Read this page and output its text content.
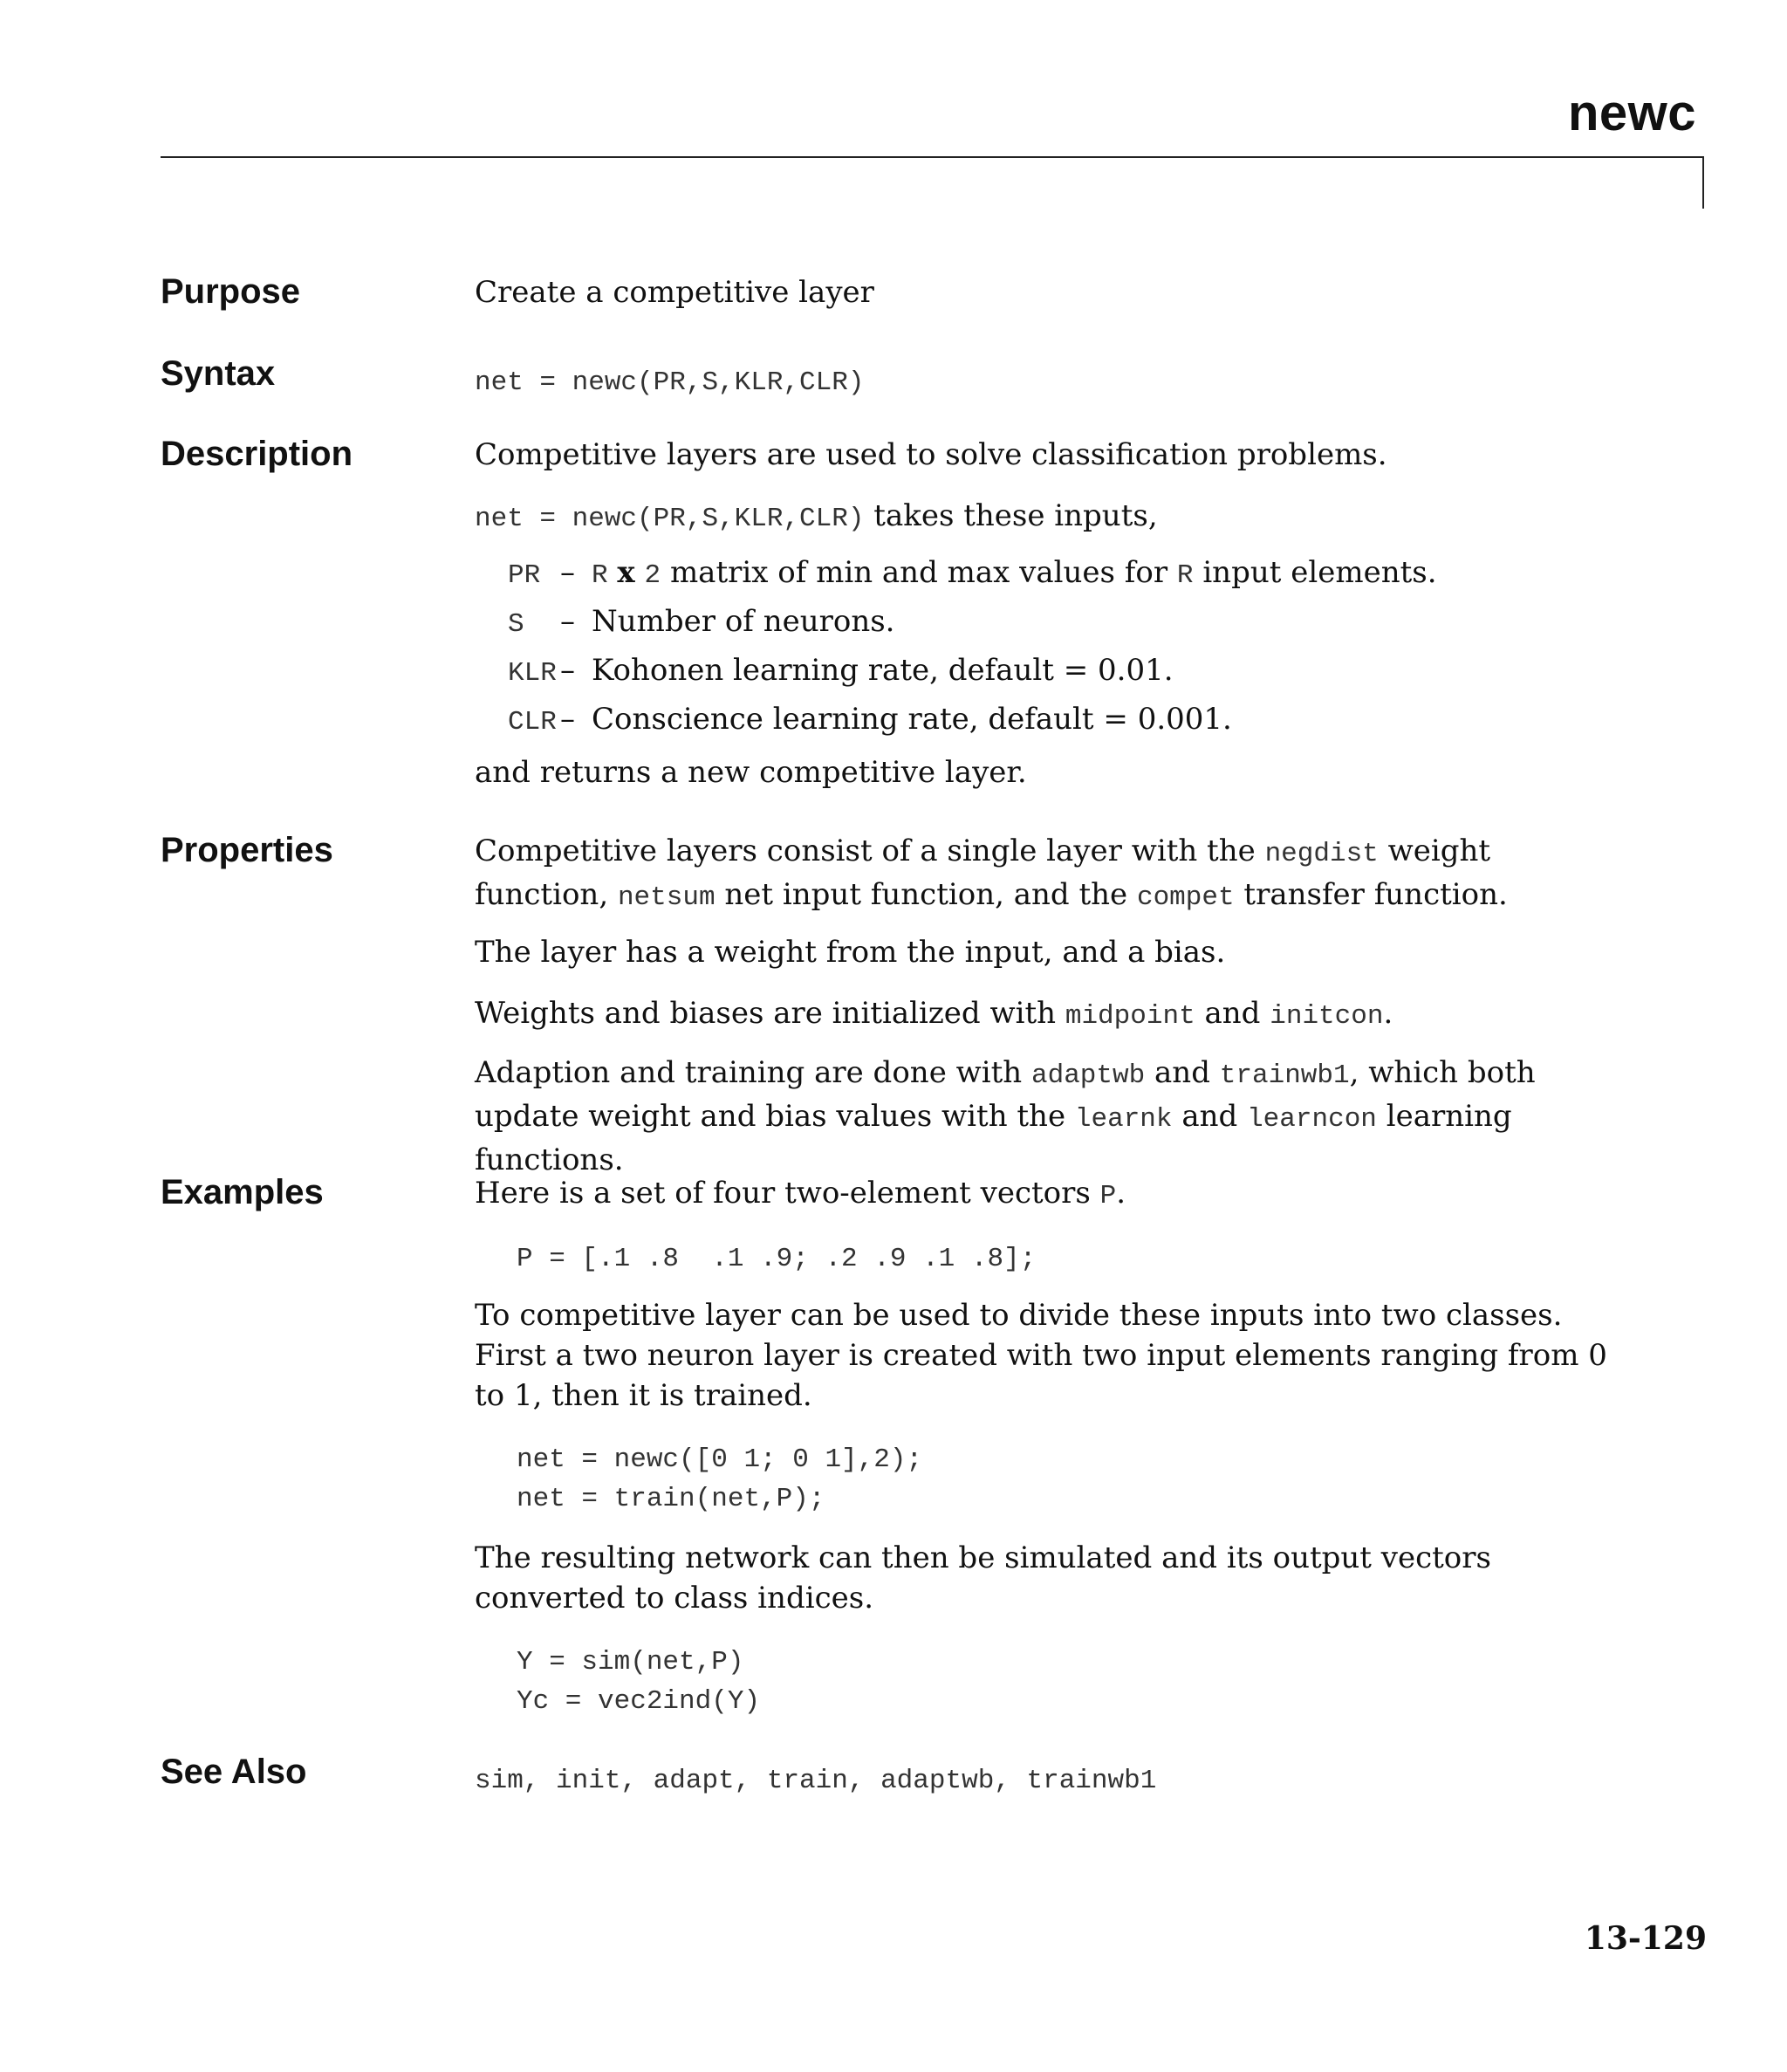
newc
Purpose	Create a competitive layer
Syntax	net = newc(PR,S,KLR,CLR)
Description	Competitive layers are used to solve classification problems.
net = newc(PR,S,KLR,CLR) takes these inputs,
PR – R x 2 matrix of min and max values for R input elements.
S – Number of neurons.
KLR – Kohonen learning rate, default = 0.01.
CLR – Conscience learning rate, default = 0.001.
and returns a new competitive layer.
Properties	Competitive layers consist of a single layer with the negdist weight function, netsum net input function, and the compet transfer function.
The layer has a weight from the input, and a bias.
Weights and biases are initialized with midpoint and initcon.
Adaption and training are done with adaptwb and trainwb1, which both update weight and bias values with the learnk and learncon learning functions.
Examples	Here is a set of four two-element vectors P.
P = [.1 .8  .1 .9; .2 .9 .1 .8];
To competitive layer can be used to divide these inputs into two classes. First a two neuron layer is created with two input elements ranging from 0 to 1, then it is trained.
net = newc([0 1; 0 1],2);
net = train(net,P);
The resulting network can then be simulated and its output vectors converted to class indices.
Y = sim(net,P)
Yc = vec2ind(Y)
See Also	sim, init, adapt, train, adaptwb, trainwb1
13-129
